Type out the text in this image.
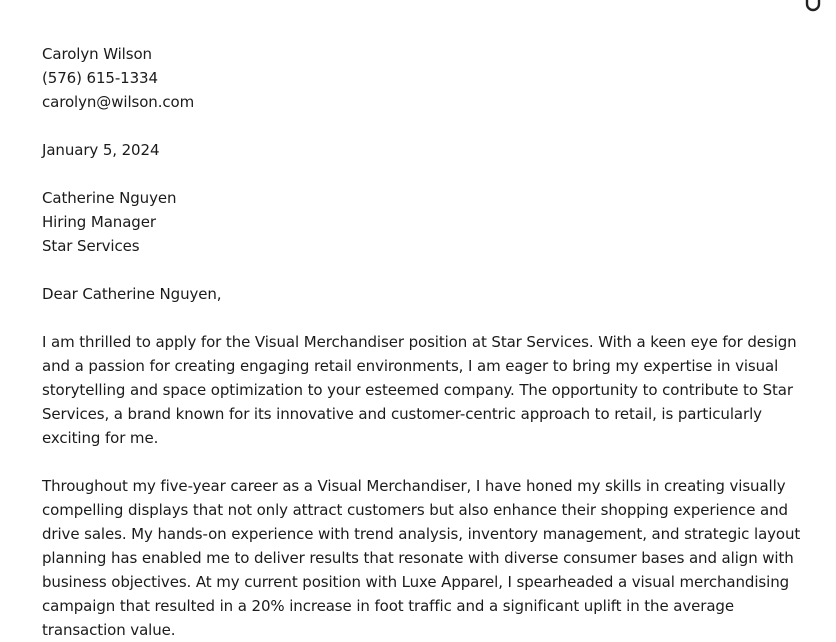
Carolyn Wilson
(576) 615-1334
carolyn@wilson.com
January 5, 2024
Catherine Nguyen
Hiring Manager
Star Services
Dear Catherine Nguyen,

I am thrilled to apply for the Visual Merchandiser position at Star Services. With a keen eye for design and a passion for creating engaging retail environments, I am eager to bring my expertise in visual storytelling and space optimization to your esteemed company. The opportunity to contribute to Star Services, a brand known for its innovative and customer-centric approach to retail, is particularly exciting for me.

Throughout my five-year career as a Visual Merchandiser, I have honed my skills in creating visually compelling displays that not only attract customers but also enhance their shopping experience and drive sales. My hands-on experience with trend analysis, inventory management, and strategic layout planning has enabled me to deliver results that resonate with diverse consumer bases and align with business objectives. At my current position with Luxe Apparel, I spearheaded a visual merchandising campaign that resulted in a 20% increase in foot traffic and a significant uplift in the average transaction value.
